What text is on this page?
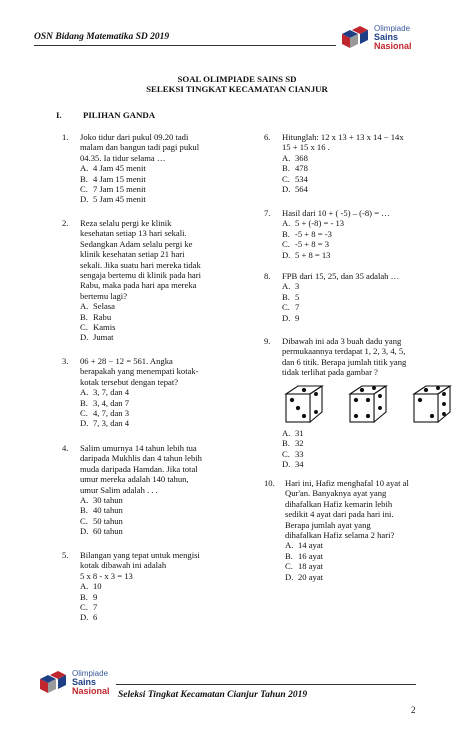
OSN Bidang Matematika SD 2019
Olimpiade
Sains
Nasional
SOAL OLIMPIADE SAINS SD
SELEKSI TINGKAT KECAMATAN CIANJUR
I. PILIHAN GANDA
1. Joko tidur dari pukul 09.20 tadi
malam dan bangun tadi pagi pukul
04.35. Ia tidur selama …
A. 4 Jam 45 menit
B. 4 Jam 15 menit
C. 7 Jam 15 menit
D. 5 Jam 45 menit
2. Reza selalu pergi ke klinik
kesehatan setiap 13 hari sekali.
Sedangkan Adam selalu pergi ke
klinik kesehatan setiap 21 hari
sekali. Jika suatu hari mereka tidak
sengaja bertemu di klinik pada hari
Rabu, maka pada hari apa mereka
bertemu lagi?
A. Selasa
B. Rabu
C. Kamis
D. Jumat
3. 06 + 28 − 12 = 561. Angka
berapakah yang menempati kotak-
kotak tersebut dengan tepat?
A. 3, 7, dan 4
B. 3, 4, dan 7
C. 4, 7, dan 3
D. 7, 3, dan 4
4. Salim umurnya 14 tahun lebih tua
daripada Mukhlis dan 4 tahun lebih
muda daripada Hamdan. Jika total
umur mereka adalah 140 tahun,
umur Salim adalah . . .
A. 30 tahun
B. 40 tahun
C. 50 tahun
D. 60 tahun
5. Bilangan yang tepat untuk mengisi
kotak dibawah ini adalah
5 x 8 - x 3 = 13
A. 10
B. 9
C. 7
D. 6
6. Hitunglah: 12 x 13 + 13 x 14 − 14x
15 + 15 x 16 .
A. 368
B. 478
C. 534
D. 564
7. Hasil dari 10 + ( -5) – (-8) = …
A. 5 + (-8) = - 13
B. -5 + 8 = -3
C. -5 + 8 = 3
D. 5 + 8 = 13
8. FPB dari 15, 25, dan 35 adalah …
A. 3
B. 5
C. 7
D. 9
9. Dibawah ini ada 3 buah dadu yang
permukaannya terdapat 1, 2, 3, 4, 5,
dan 6 titik. Berapa jumlah titik yang
tidak terlihat pada gambar ?
A. 31
B. 32
C. 33
D. 34
10. Hari ini, Hafiz menghafal 10 ayat al
Qur'an. Banyaknya ayat yang
dihafalkan Hafiz kemarin lebih
sedikit 4 ayat dari pada hari ini.
Berapa jumlah ayat yang
dihafalkan Hafiz selama 2 hari?
A. 14 ayat
B. 16 ayat
C. 18 ayat
D. 20 ayat
Olimpiade
Sains
Nasional Seleksi Tingkat Kecamatan Cianjur Tahun 2019
2
